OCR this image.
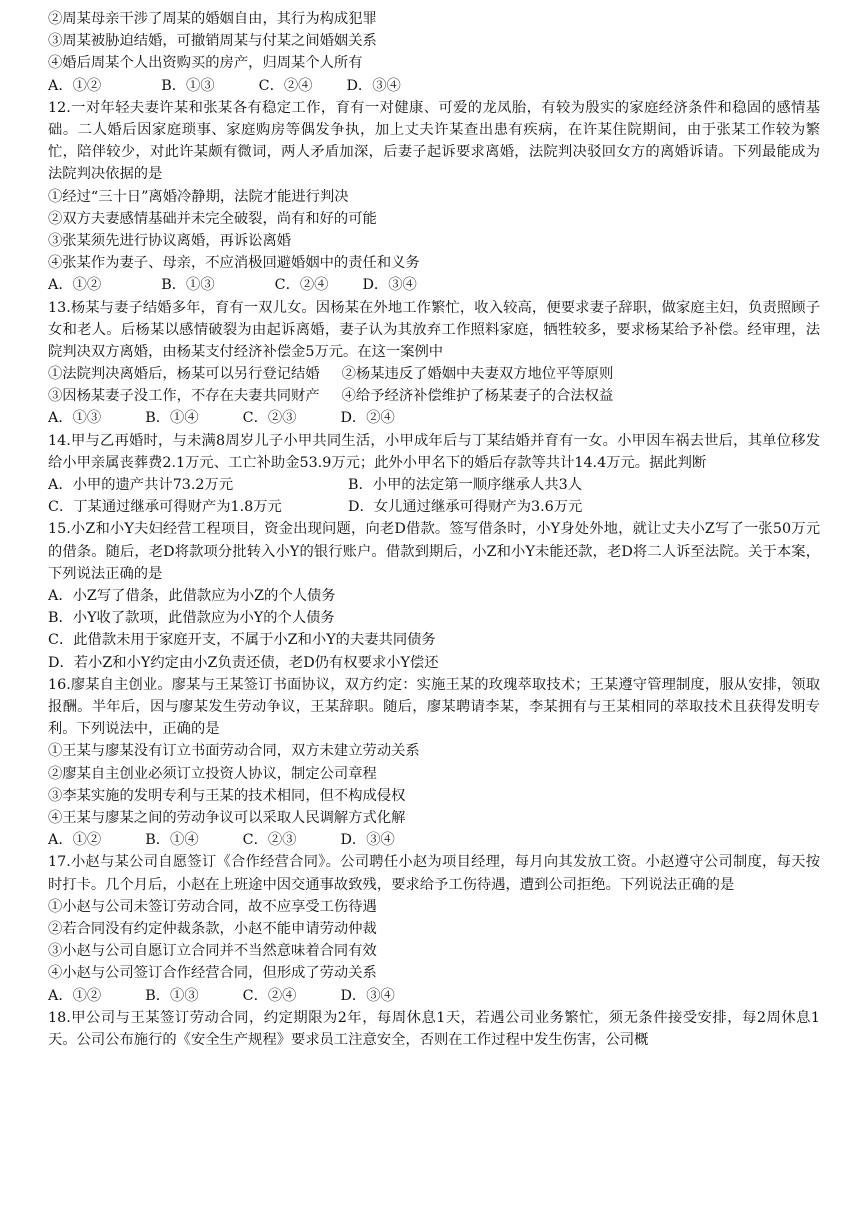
②周某母亲干涉了周某的婚姻自由，其行为构成犯罪
③周某被胁迫结婚，可撤销周某与付某之间婚姻关系
④婚后周某个人出资购买的房产，归周某个人所有
A．①②	B．①③	C．②④ D．③④
12.一对年轻夫妻许某和张某各有稳定工作，育有一对健康、可爱的龙凤胎，有较为殷实的家庭经济条件和稳固的感情基础。二人婚后因家庭琐事、家庭购房等偶发争执，加上丈夫许某查出患有疾病，在许某住院期间，由于张某工作较为繁忙，陪伴较少，对此许某颇有微词，两人矛盾加深，后妻子起诉要求离婚，法院判决驳回女方的离婚诉请。下列最能成为法院判决依据的是
①经过“三十日”离婚冷静期，法院才能进行判决
②双方夫妻感情基础并未完全破裂，尚有和好的可能
③张某须先进行协议离婚，再诉讼离婚
④张某作为妻子、母亲，不应消极回避婚姻中的责任和义务
A．①②	B．①③	C．②④ D．③④
13.杨某与妻子结婚多年，育有一双儿女。因杨某在外地工作繁忙，收入较高，便要求妻子辞职，做家庭主妇，负责照顾子女和老人。后杨某以感情破裂为由起诉离婚，妻子认为其放弃工作照料家庭，牺牲较多，要求杨某给予补偿。经审理，法院判决双方离婚，由杨某支付经济补偿金5万元。在这一案例中
①法院判决离婚后，杨某可以另行登记结婚 ②杨某违反了婚姻中夫妻双方地位平等原则
③因杨某妻子没工作，不存在夫妻共同财产 ④给予经济补偿维护了杨某妻子的合法权益
A．①③	B．①④	C．②③	D．②④
14.甲与乙再婚时，与未满8周岁儿子小甲共同生活，小甲成年后与丁某结婚并育有一女。小甲因车祸去世后，其单位移发给小甲亲属丧葬费2.1万元、工亡补助金53.9万元；此外小甲名下的婚后存款等共计14.4万元。据此判断
A．小甲的遗产共计73.2万元	B．小甲的法定第一顺序继承人共3人
C．丁某通过继承可得财产为1.8万元	D．女儿通过继承可得财产为3.6万元
15.小Z和小Y夫妇经营工程项目，资金出现问题，向老D借款。签写借条时，小Y身处外地，就让丈夫小Z写了一张50万元的借条。随后，老D将款项分批转入小Y的银行账户。借款到期后，小Z和小Y未能还款，老D将二人诉至法院。关于本案，下列说法正确的是
A．小Z写了借条，此借款应为小Z的个人债务
B．小Y收了款项，此借款应为小Y的个人债务
C．此借款未用于家庭开支，不属于小Z和小Y的夫妻共同债务
D．若小Z和小Y约定由小Z负责还债，老D仍有权要求小Y偿还
16.廖某自主创业。廖某与王某签订书面协议，双方约定：实施王某的玫瑰萃取技术；王某遵守管理制度，服从安排，领取报酬。半年后，因与廖某发生劳动争议，王某辞职。随后，廖某聘请李某，李某拥有与王某相同的萃取技术且获得发明专利。下列说法中，正确的是
①王某与廖某没有订立书面劳动合同，双方未建立劳动关系
②廖某自主创业必须订立投资人协议，制定公司章程
③李某实施的发明专利与王某的技术相同，但不构成侵权
④王某与廖某之间的劳动争议可以采取人民调解方式化解
A．①②	B．①④	C．②③	D．③④
17.小赵与某公司自愿签订《合作经营合同》。公司聘任小赵为项目经理，每月向其发放工资。小赵遵守公司制度，每天按时打卡。几个月后，小赵在上班途中因交通事故致残，要求给予工伤待遇，遭到公司拒绝。下列说法正确的是
①小赵与公司未签订劳动合同，故不应享受工伤待遇
②若合同没有约定仲裁条款，小赵不能申请劳动仲裁
③小赵与公司自愿订立合同并不当然意味着合同有效
④小赵与公司签订合作经营合同，但形成了劳动关系
A．①②	B．①③	C．②④	D．③④
18.甲公司与王某签订劳动合同，约定期限为2年，每周休息1天，若遇公司业务繁忙，须无条件接受安排，每2周休息1天。公司公布施行的《安全生产规程》要求员工注意安全，否则在工作过程中发生伤害，公司概
